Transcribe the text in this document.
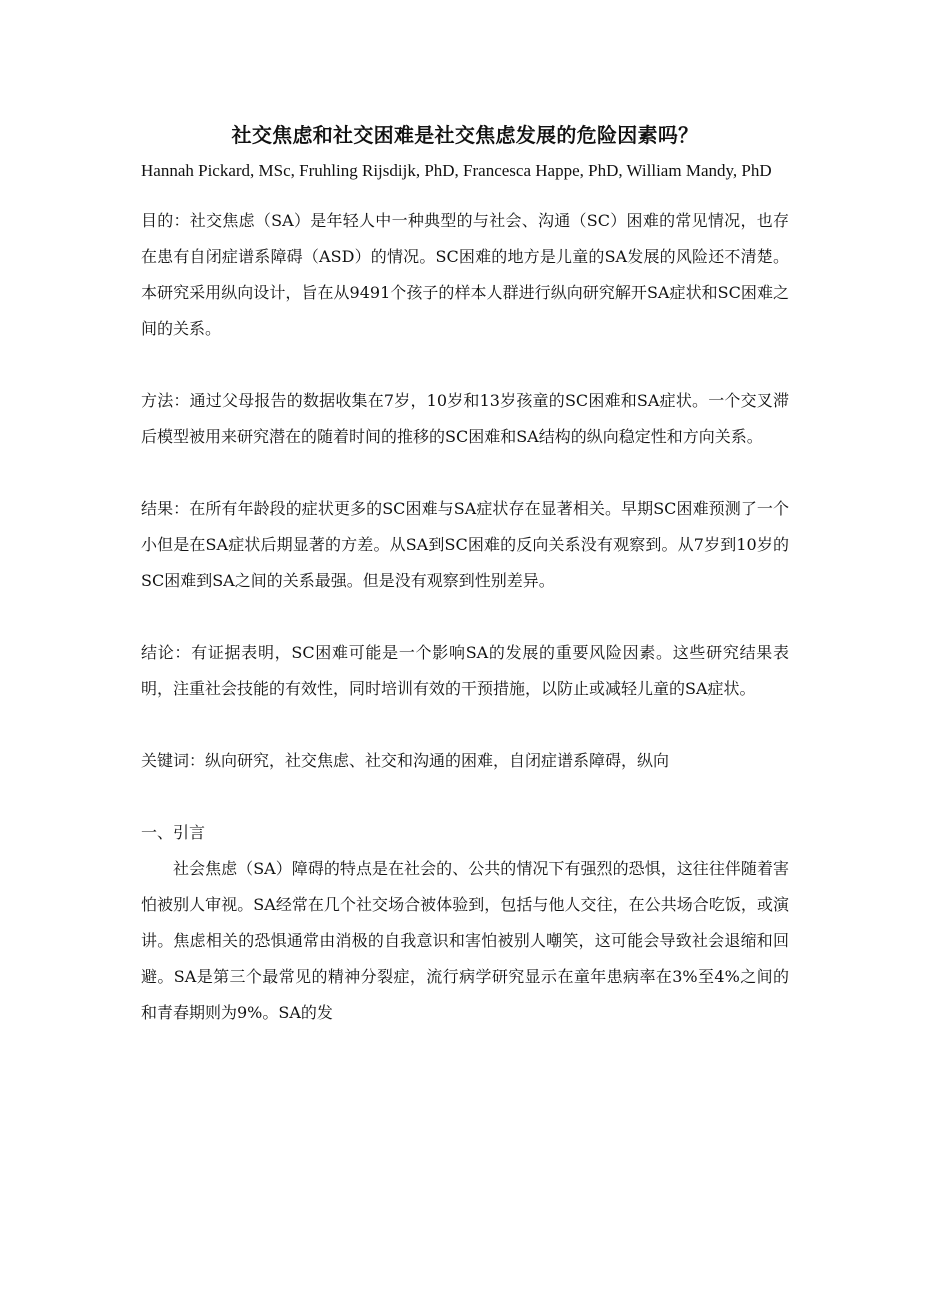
社交焦虑和社交困难是社交焦虑发展的危险因素吗？

Hannah Pickard, MSc, Fruhling Rijsdijk, PhD, Francesca Happe, PhD, William Mandy, PhD

目的：社交焦虑（SA）是年轻人中一种典型的与社会、沟通（SC）困难的常见情况，也存在患有自闭症谱系障碍（ASD）的情况。SC困难的地方是儿童的SA发展的风险还不清楚。本研究采用纵向设计，旨在从9491个孩子的样本人群进行纵向研究解开SA症状和SC困难之间的关系。

方法：通过父母报告的数据收集在7岁，10岁和13岁孩童的SC困难和SA症状。一个交叉滞后模型被用来研究潜在的随着时间的推移的SC困难和SA结构的纵向稳定性和方向关系。

结果：在所有年龄段的症状更多的SC困难与SA症状存在显著相关。早期SC困难预测了一个小但是在SA症状后期显著的方差。从SA到SC困难的反向关系没有观察到。从7岁到10岁的SC困难到SA之间的关系最强。但是没有观察到性别差异。

结论：有证据表明，SC困难可能是一个影响SA的发展的重要风险因素。这些研究结果表明，注重社会技能的有效性，同时培训有效的干预措施，以防止或减轻儿童的SA症状。

关键词：纵向研究，社交焦虑、社交和沟通的困难，自闭症谱系障碍，纵向

一、引言

社会焦虑（SA）障碍的特点是在社会的、公共的情况下有强烈的恐惧，这往往伴随着害怕被别人审视。SA经常在几个社交场合被体验到，包括与他人交往，在公共场合吃饭，或演讲。焦虑相关的恐惧通常由消极的自我意识和害怕被别人嘲笑，这可能会导致社会退缩和回避。SA是第三个最常见的精神分裂症，流行病学研究显示在童年患病率在3%至4%之间的和青春期则为9%。SA的发
